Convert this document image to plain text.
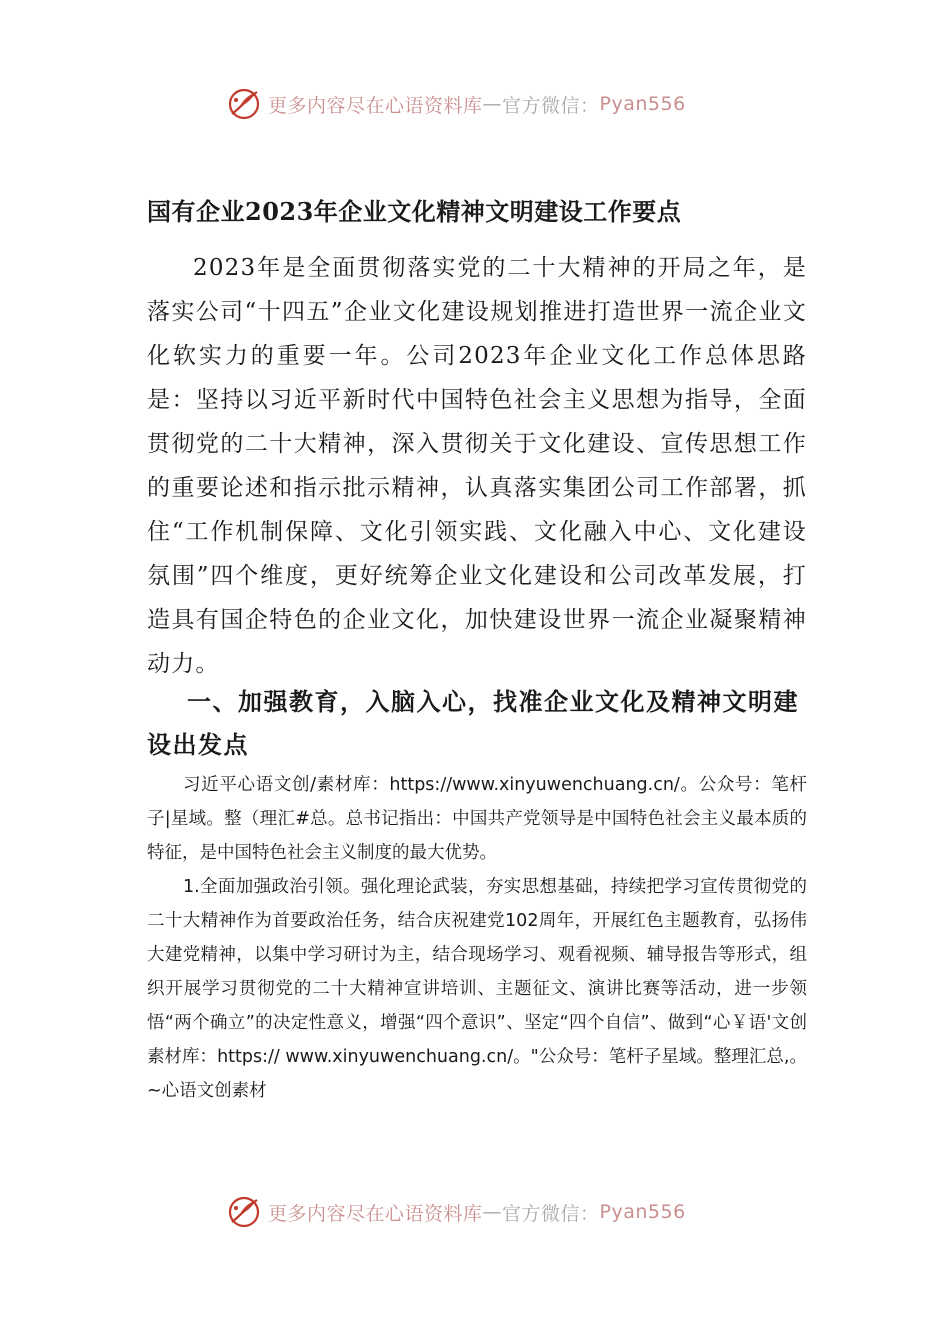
更多内容尽在心语资料库 — 官方微信： Pyan556
国有企业2023年企业文化精神文明建设工作要点

2023年是全面贯彻落实党的二十大精神的开局之年，是落实公司“十四五”企业文化建设规划推进打造世界一流企业文化软实力的重要一年。公司2023年企业文化工作总体思路是：坚持以习近平新时代中国特色社会主义思想为指导，全面贯彻党的二十大精神，深入贯彻关于文化建设、宣传思想工作的重要论述和指示批示精神，认真落实集团公司工作部署，抓住“工作机制保障、文化引领实践、文化融入中心、文化建设氛围”四个维度，更好统筹企业文化建设和公司改革发展，打造具有国企特色的企业文化，加快建设世界一流企业凝聚精神动力。

一、加强教育，入脑入心，找准企业文化及精神文明建设出发点

习近平心语文创/素材库：https://www.xinyuwenchuang.cn/。公众号：笔杆子|星域。整（理汇#总。总书记指出：中国共产党领导是中国特色社会主义最本质的特征，是中国特色社会主义制度的最大优势。

1.全面加强政治引领。强化理论武装，夯实思想基础，持续把学习宣传贯彻党的二十大精神作为首要政治任务，结合庆祝建党102周年，开展红色主题教育，弘扬伟大建党精神，以集中学习研讨为主，结合现场学习、观看视频、辅导报告等形式，组织开展学习贯彻党的二十大精神宣讲培训、主题征文、演讲比赛等活动，进一步领悟“两个确立”的决定性意义，增强“四个意识”、坚定“四个自信”、做到“心￥语'文创素材库：https:// www.xinyuwenchuang.cn/。"公众号：笔杆子星域。整理汇总,。~心语文创素材

更多内容尽在心语资料库 — 官方微信： Pyan556
